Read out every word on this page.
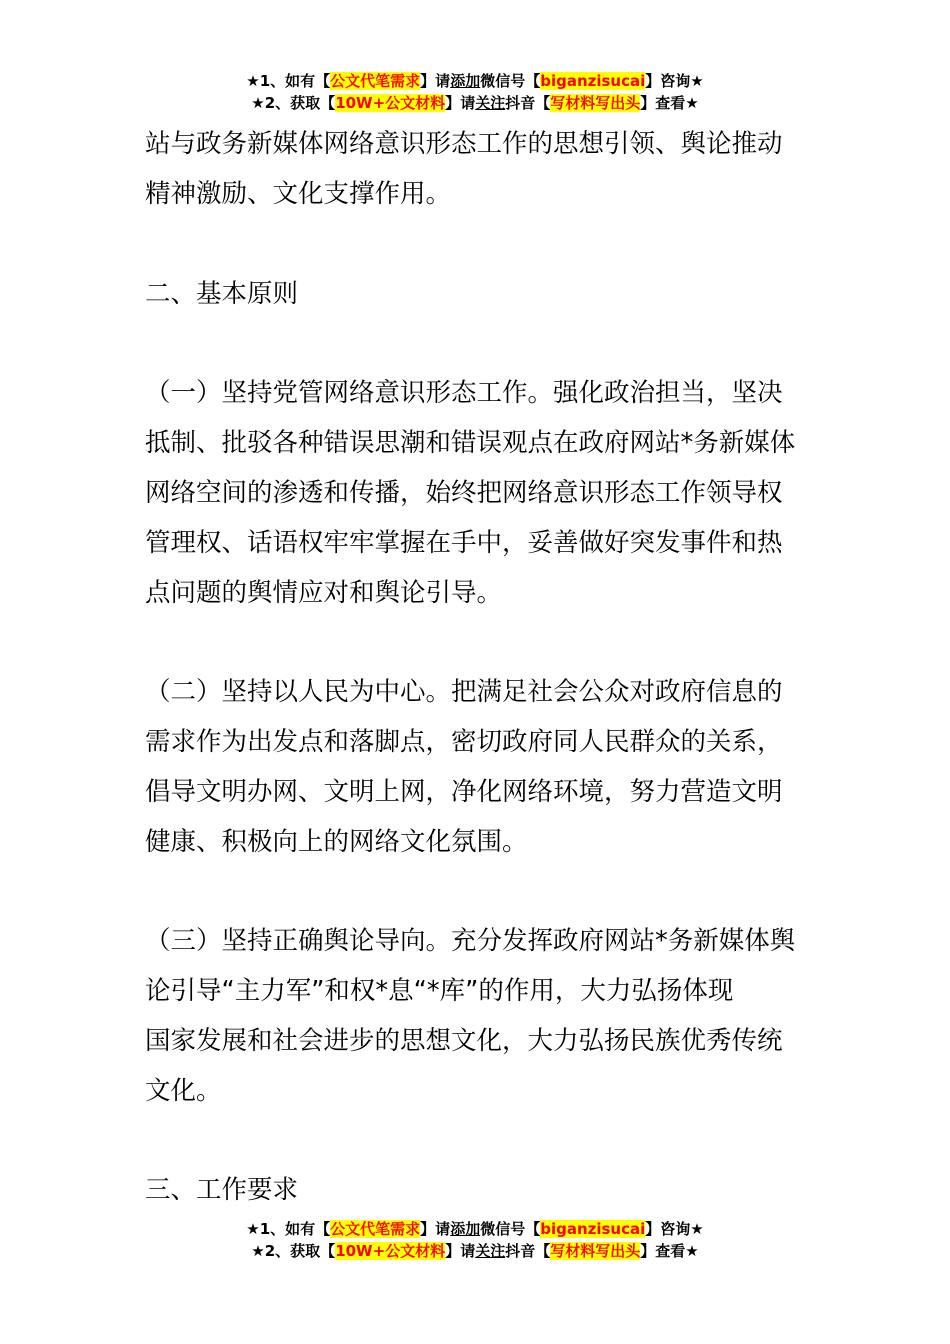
★1、如有【公文代笔需求】请添加微信号【biganzisucai】咨询★
★2、获取【10W+公文材料】请关注抖音【写材料写出头】查看★
站与政务新媒体网络意识形态工作的思想引领、舆论推动
精神激励、文化支撑作用。
二、基本原则
（一）坚持党管网络意识形态工作。强化政治担当，坚决
抵制、批驳各种错误思潮和错误观点在政府网站*务新媒体
网络空间的渗透和传播，始终把网络意识形态工作领导权
管理权、话语权牢牢掌握在手中，妥善做好突发事件和热
点问题的舆情应对和舆论引导。
（二）坚持以人民为中心。把满足社会公众对政府信息的
需求作为出发点和落脚点，密切政府同人民群众的关系，
倡导文明办网、文明上网，净化网络环境，努力营造文明
健康、积极向上的网络文化氛围。
（三）坚持正确舆论导向。充分发挥政府网站*务新媒体舆
论引导“主力军”和权*息“*库”的作用，大力弘扬体现
国家发展和社会进步的思想文化，大力弘扬民族优秀传统
文化。
三、工作要求
★1、如有【公文代笔需求】请添加微信号【biganzisucai】咨询★
★2、获取【10W+公文材料】请关注抖音【写材料写出头】查看★
